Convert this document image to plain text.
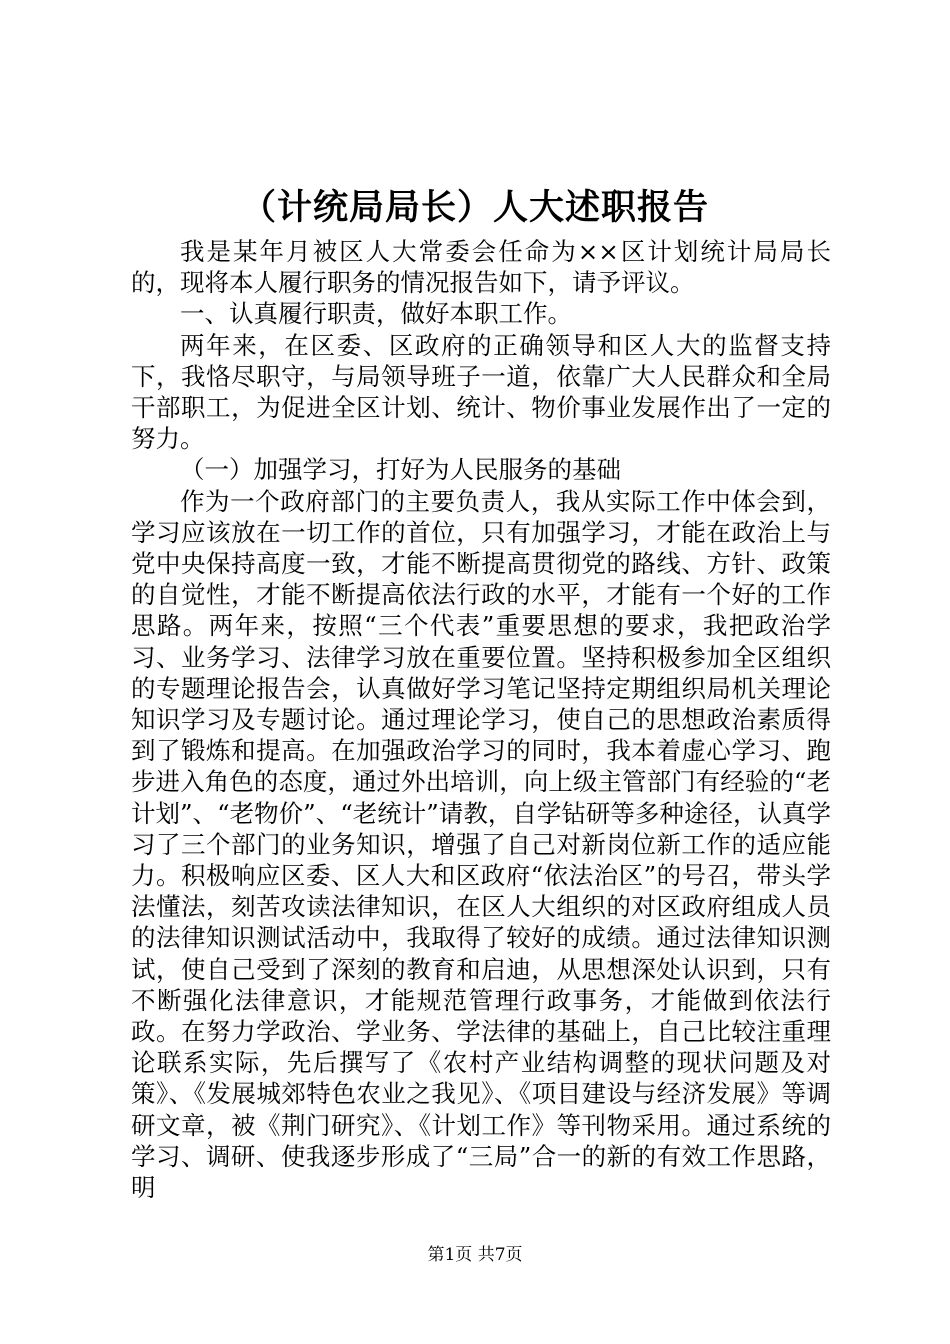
（计统局局长）人大述职报告

我是某年月被区人大常委会任命为××区计划统计局局长的，现将本人履行职务的情况报告如下，请予评议。

一、认真履行职责，做好本职工作。

两年来，在区委、区政府的正确领导和区人大的监督支持下，我恪尽职守，与局领导班子一道，依靠广大人民群众和全局干部职工，为促进全区计划、统计、物价事业发展作出了一定的努力。

（一）加强学习，打好为人民服务的基础

作为一个政府部门的主要负责人，我从实际工作中体会到，学习应该放在一切工作的首位，只有加强学习，才能在政治上与党中央保持高度一致，才能不断提高贯彻党的路线、方针、政策的自觉性，才能不断提高依法行政的水平，才能有一个好的工作思路。两年来，按照“三个代表”重要思想的要求，我把政治学习、业务学习、法律学习放在重要位置。坚持积极参加全区组织的专题理论报告会，认真做好学习笔记坚持定期组织局机关理论知识学习及专题讨论。通过理论学习，使自己的思想政治素质得到了锻炼和提高。在加强政治学习的同时，我本着虚心学习、跑步进入角色的态度，通过外出培训，向上级主管部门有经验的“老计划”、“老物价”、“老统计”请教，自学钻研等多种途径，认真学习了三个部门的业务知识，增强了自己对新岗位新工作的适应能力。积极响应区委、区人大和区政府“依法治区”的号召，带头学法懂法，刻苦攻读法律知识，在区人大组织的对区政府组成人员的法律知识测试活动中，我取得了较好的成绩。通过法律知识测试，使自己受到了深刻的教育和启迪，从思想深处认识到，只有不断强化法律意识，才能规范管理行政事务，才能做到依法行政。在努力学政治、学业务、学法律的基础上，自己比较注重理论联系实际，先后撰写了《农村产业结构调整的现状问题及对策》、《发展城郊特色农业之我见》、《项目建设与经济发展》等调研文章，被《荆门研究》、《计划工作》等刊物采用。通过系统的学习、调研、使我逐步形成了“三局”合一的新的有效工作思路，明

第1页 共7页
